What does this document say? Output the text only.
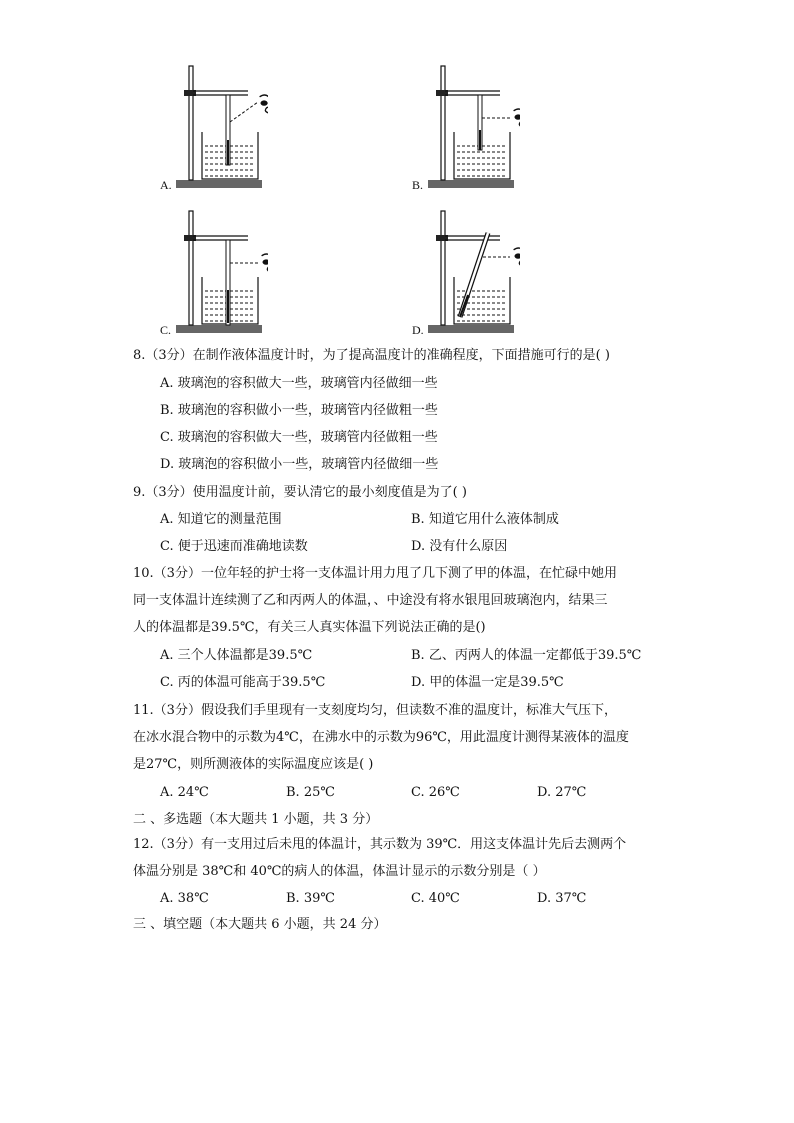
A.	B.
C.	D.
8.（3分）在制作液体温度计时，为了提高温度计的准确程度，下面措施可行的是( )
A. 玻璃泡的容积做大一些，玻璃管内径做细一些
B. 玻璃泡的容积做小一些，玻璃管内径做粗一些
C. 玻璃泡的容积做大一些，玻璃管内径做粗一些
D. 玻璃泡的容积做小一些，玻璃管内径做细一些
9.（3分）使用温度计前，要认清它的最小刻度值是为了( )
A. 知道它的测量范围	B. 知道它用什么液体制成
C. 便于迅速而准确地读数	D. 没有什么原因
10.（3分）一位年轻的护士将一支体温计用力甩了几下测了甲的体温，在忙碌中她用
同一支体温计连续测了乙和丙两人的体温，、中途没有将水银甩回玻璃泡内，结果三
人的体温都是39.5℃，有关三人真实体温下列说法正确的是()
A. 三个人体温都是39.5℃	B. 乙、丙两人的体温一定都低于39.5℃
C. 丙的体温可能高于39.5℃	D. 甲的体温一定是39.5℃
11.（3分）假设我们手里现有一支刻度均匀，但读数不准的温度计，标准大气压下，
在冰水混合物中的示数为4℃，在沸水中的示数为96℃，用此温度计测得某液体的温度
是27℃，则所测液体的实际温度应该是( )
A. 24℃	B. 25℃	C. 26℃	D. 27℃
二 、多选题（本大题共 1 小题，共 3 分）
12.（3分）有一支用过后未甩的体温计，其示数为 39℃．用这支体温计先后去测两个
体温分别是 38℃和 40℃的病人的体温，体温计显示的示数分别是（ ）
A. 38℃	B. 39℃	C. 40℃	D. 37℃
三 、填空题（本大题共 6 小题，共 24 分）
